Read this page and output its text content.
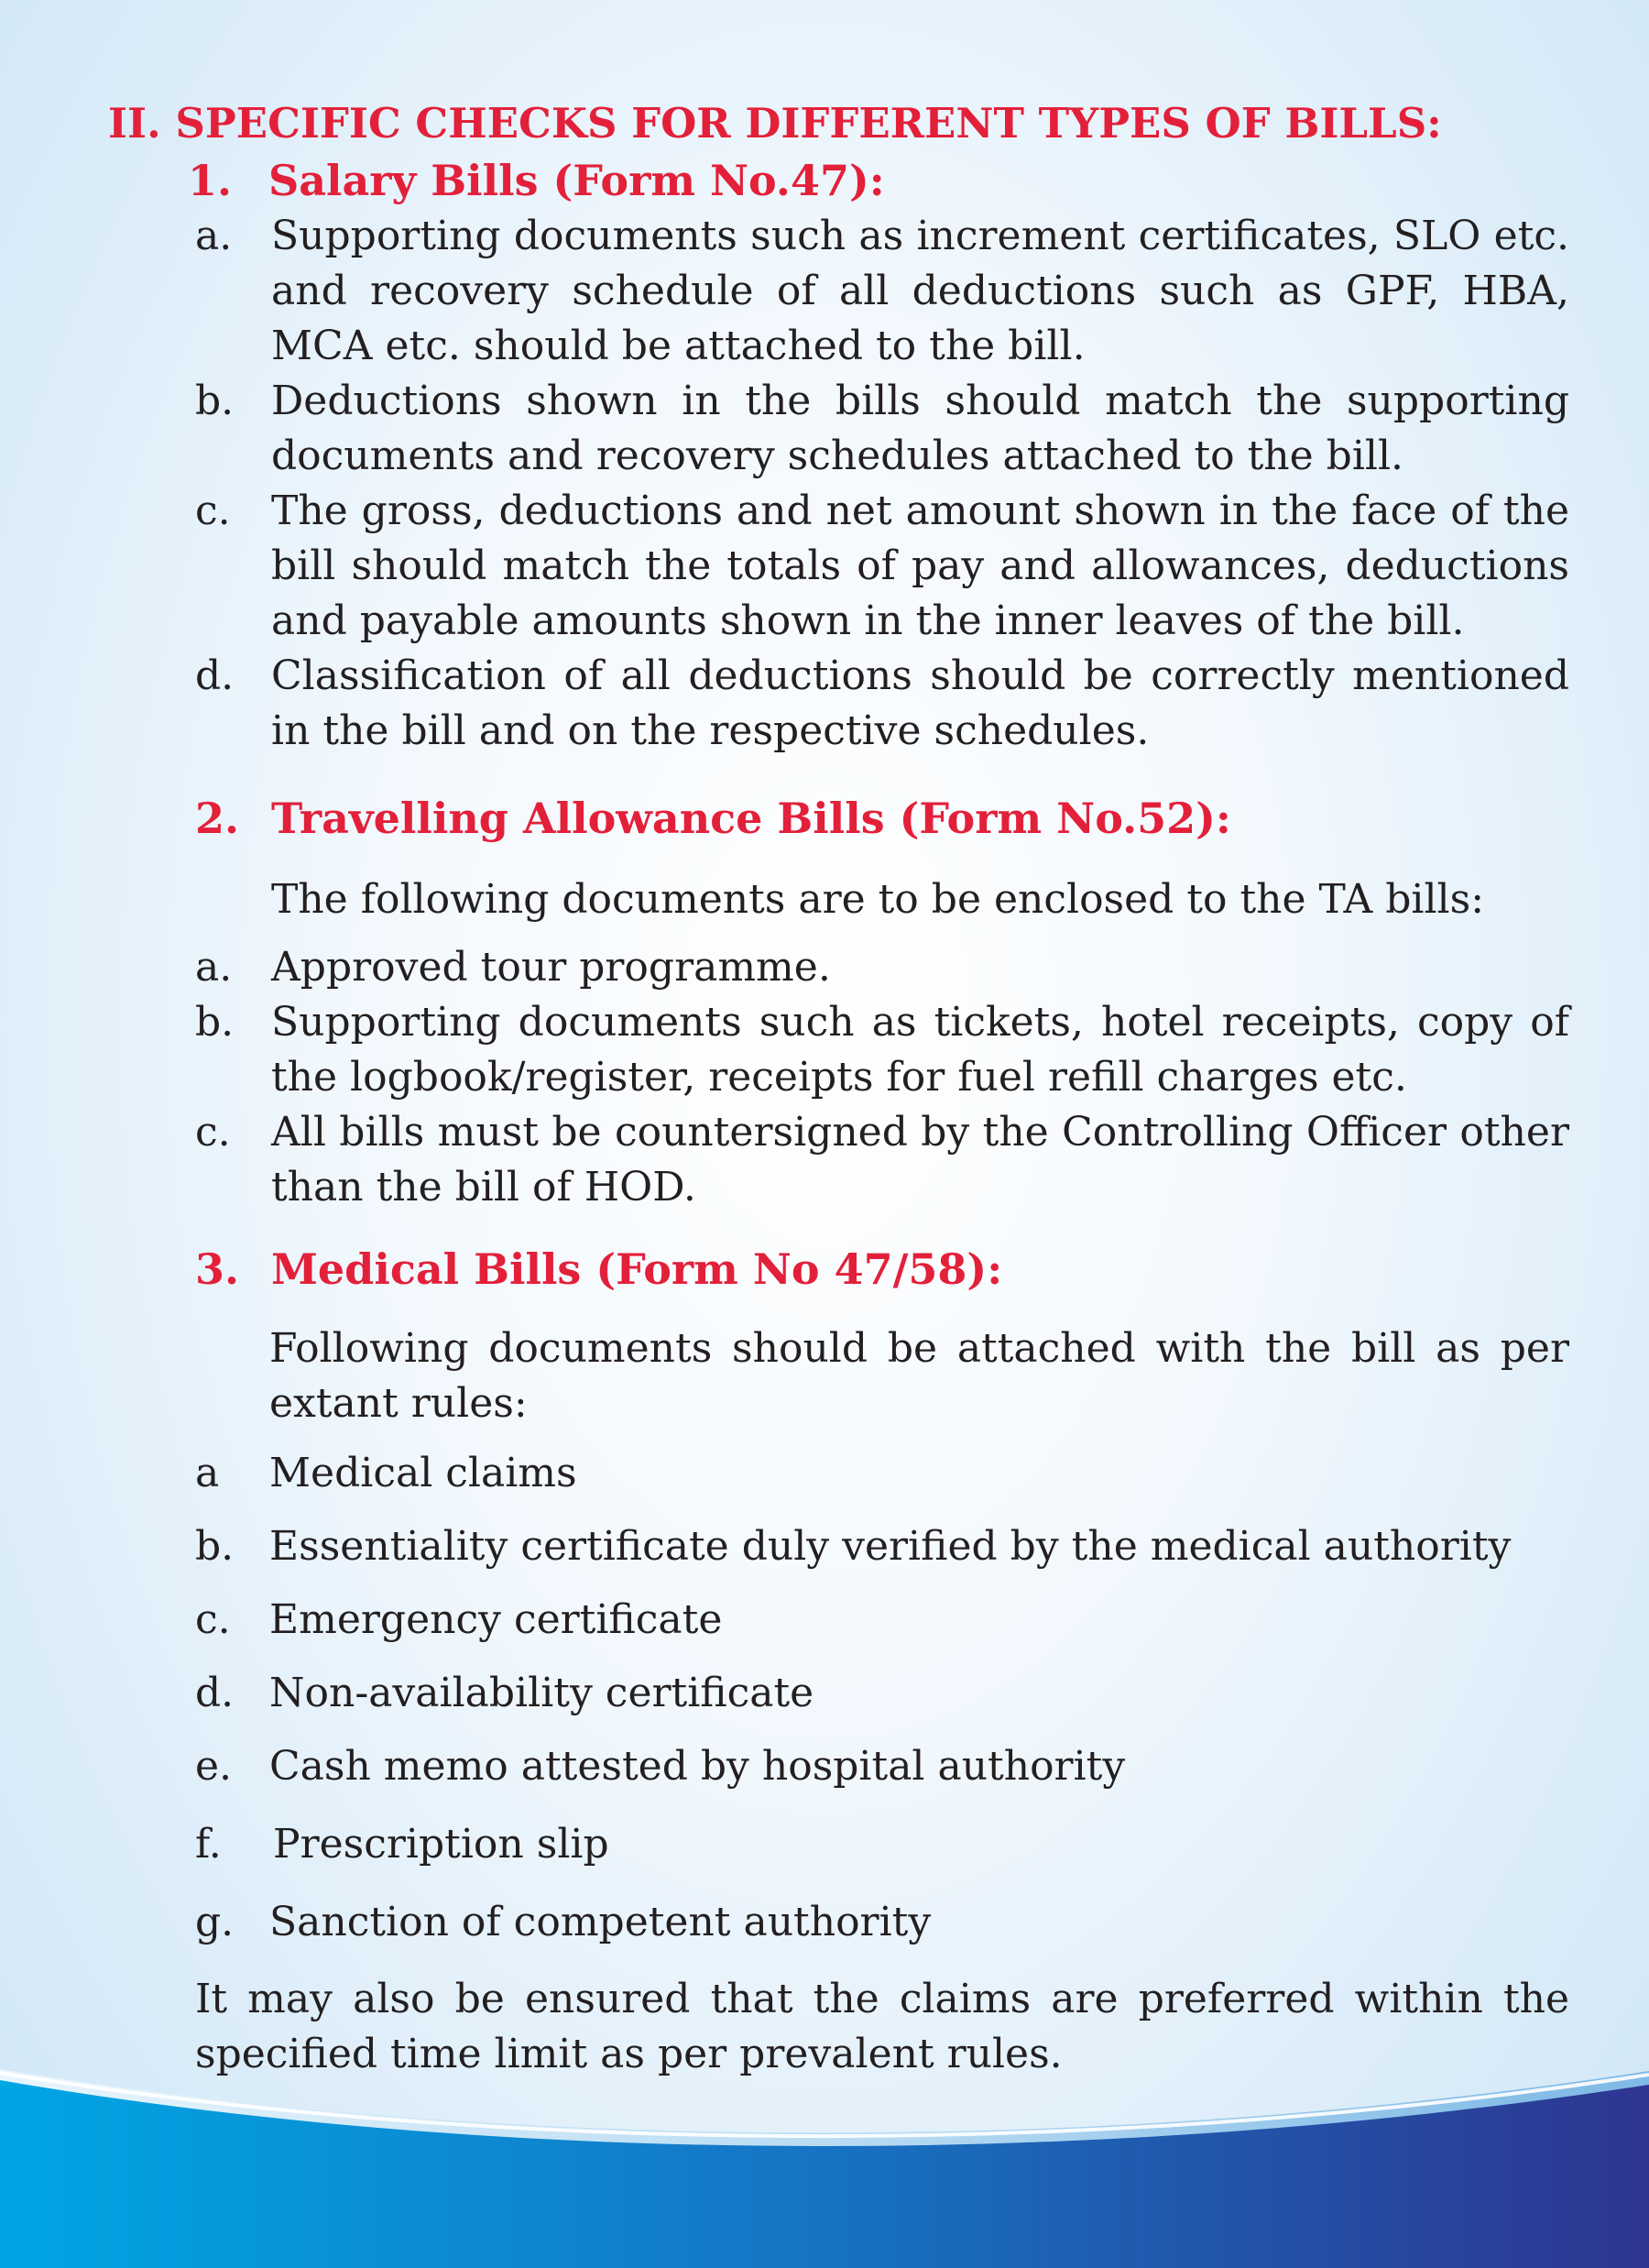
II. SPECIFIC CHECKS FOR DIFFERENT TYPES OF BILLS:
1. Salary Bills (Form No.47):
a. Supporting documents such as increment certificates, SLO etc. and recovery schedule of all deductions such as GPF, HBA, MCA etc. should be attached to the bill.
b. Deductions shown in the bills should match the supporting documents and recovery schedules attached to the bill.
c. The gross, deductions and net amount shown in the face of the bill should match the totals of pay and allowances, deductions and payable amounts shown in the inner leaves of the bill.
d. Classification of all deductions should be correctly mentioned in the bill and on the respective schedules.
2. Travelling Allowance Bills (Form No.52):
The following documents are to be enclosed to the TA bills:
a. Approved tour programme.
b. Supporting documents such as tickets, hotel receipts, copy of the logbook/register, receipts for fuel refill charges etc.
c. All bills must be countersigned by the Controlling Officer other than the bill of HOD.
3. Medical Bills (Form No 47/58):
Following documents should be attached with the bill as per extant rules:
a Medical claims
b. Essentiality certificate duly verified by the medical authority
c. Emergency certificate
d. Non-availability certificate
e. Cash memo attested by hospital authority
f. Prescription slip
g. Sanction of competent authority
It may also be ensured that the claims are preferred within the specified time limit as per prevalent rules.
